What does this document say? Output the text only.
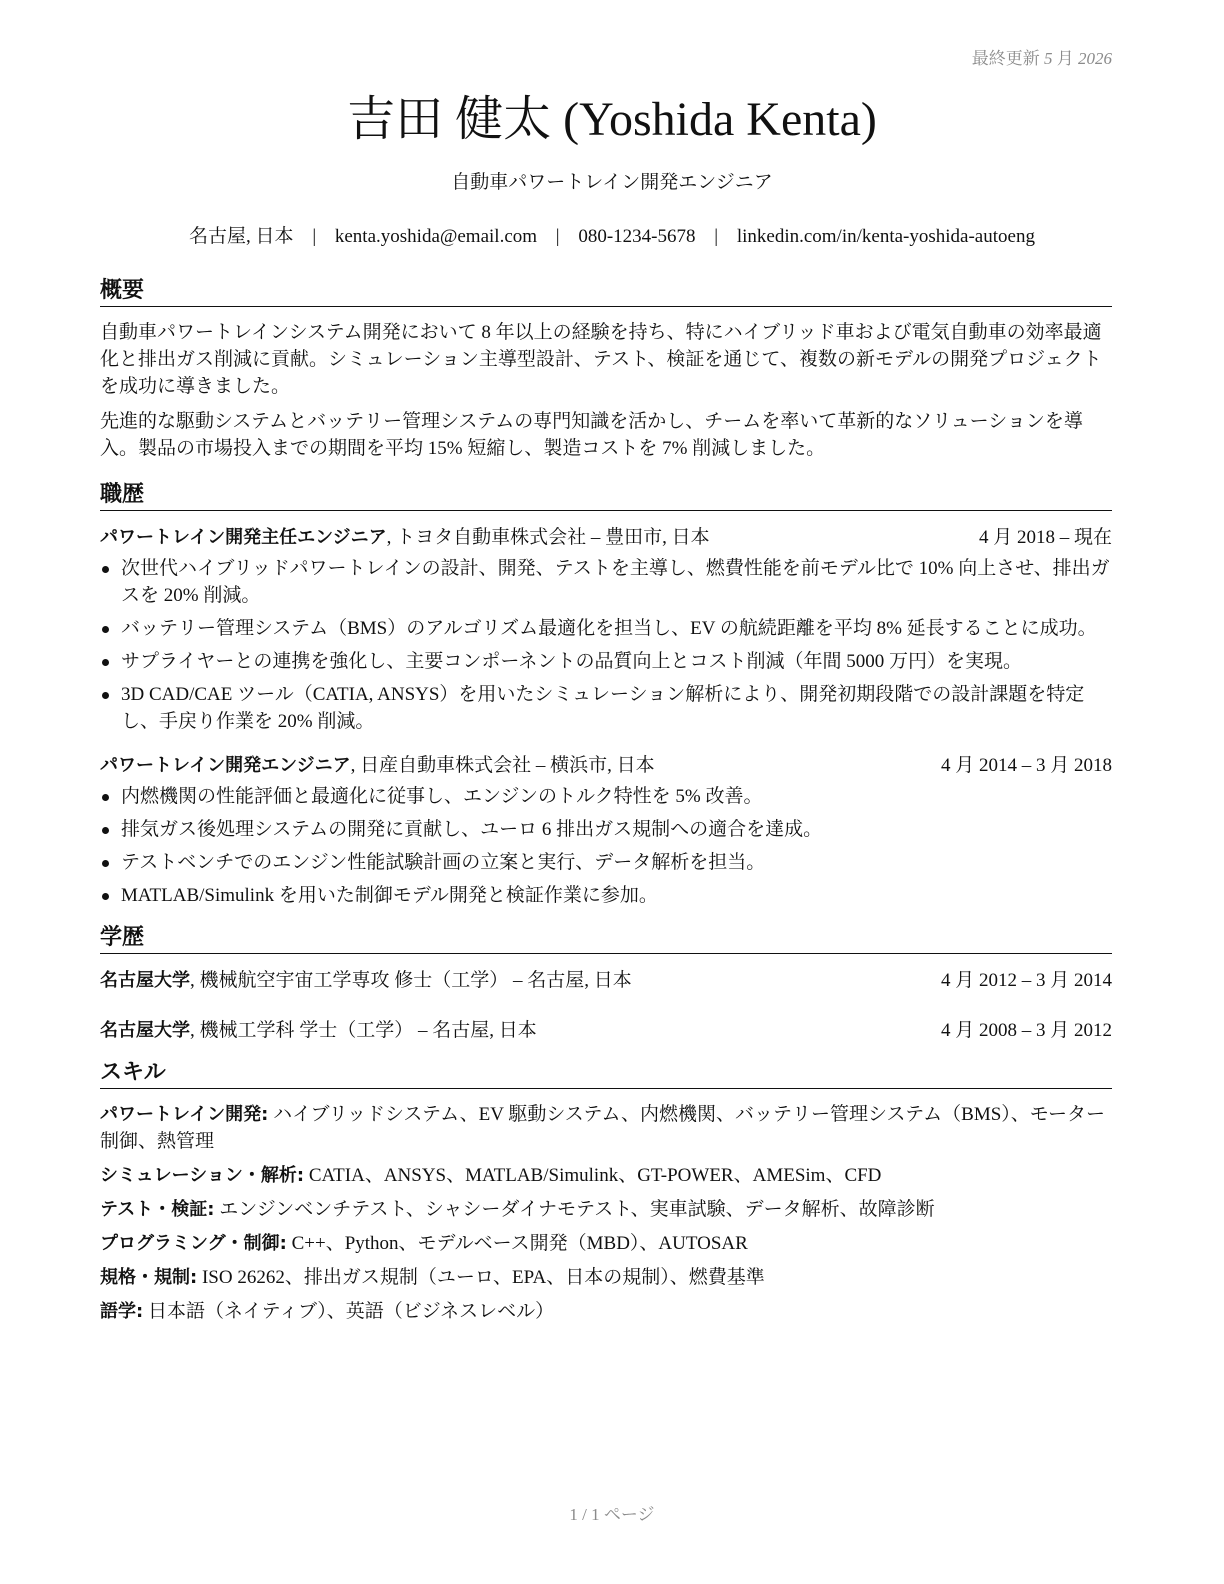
最終更新 5 月 2026
吉田 健太 (Yoshida Kenta)
自動車パワートレイン開発エンジニア
名古屋, 日本 | kenta.yoshida@email.com | 080-1234-5678 | linkedin.com/in/kenta-yoshida-autoeng
概要

自動車パワートレインシステム開発において 8 年以上の経験を持ち、特にハイブリッド車および電気自動車の効率最適化と排出ガス削減に貢献。シミュレーション主導型設計、テスト、検証を通じて、複数の新モデルの開発プロジェクトを成功に導きました。

先進的な駆動システムとバッテリー管理システムの専門知識を活かし、チームを率いて革新的なソリューションを導入。製品の市場投入までの期間を平均 15% 短縮し、製造コストを 7% 削減しました。

職歴
パワートレイン開発主任エンジニア, トヨタ自動車株式会社 – 豊田市, 日本	4 月 2018 – 現在
次世代ハイブリッドパワートレインの設計、開発、テストを主導し、燃費性能を前モデル比で 10% 向上させ、排出ガスを 20% 削減。
バッテリー管理システム（BMS）のアルゴリズム最適化を担当し、EV の航続距離を平均 8% 延長することに成功。
サプライヤーとの連携を強化し、主要コンポーネントの品質向上とコスト削減（年間 5000 万円）を実現。
3D CAD/CAE ツール（CATIA, ANSYS）を用いたシミュレーション解析により、開発初期段階での設計課題を特定し、手戻り作業を 20% 削減。
パワートレイン開発エンジニア, 日産自動車株式会社 – 横浜市, 日本	4 月 2014 – 3 月 2018
内燃機関の性能評価と最適化に従事し、エンジンのトルク特性を 5% 改善。
排気ガス後処理システムの開発に貢献し、ユーロ 6 排出ガス規制への適合を達成。
テストベンチでのエンジン性能試験計画の立案と実行、データ解析を担当。
MATLAB/Simulink を用いた制御モデル開発と検証作業に参加。
学歴
名古屋大学, 機械航空宇宙工学専攻 修士（工学） – 名古屋, 日本	4 月 2012 – 3 月 2014
名古屋大学, 機械工学科 学士（工学） – 名古屋, 日本	4 月 2008 – 3 月 2012
スキル
パワートレイン開発: ハイブリッドシステム、EV 駆動システム、内燃機関、バッテリー管理システム（BMS）、モーター制御、熱管理
シミュレーション・解析: CATIA、ANSYS、MATLAB/Simulink、GT-POWER、AMESim、CFD
テスト・検証: エンジンベンチテスト、シャシーダイナモテスト、実車試験、データ解析、故障診断
プログラミング・制御: C++、Python、モデルベース開発（MBD）、AUTOSAR
規格・規制: ISO 26262、排出ガス規制（ユーロ、EPA、日本の規制）、燃費基準
語学: 日本語（ネイティブ）、英語（ビジネスレベル）
1 / 1 ページ
